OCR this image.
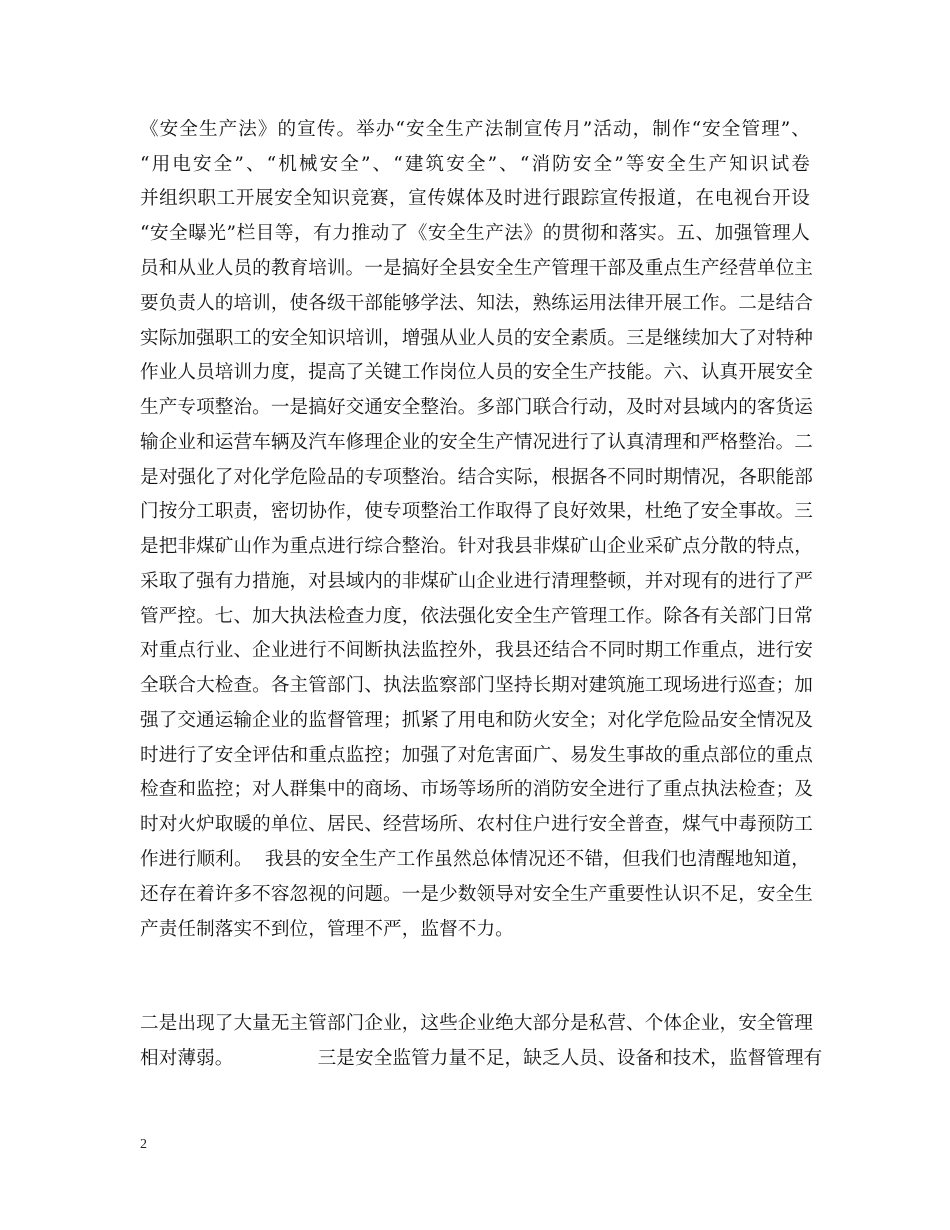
《安全生产法》的宣传。举办“安全生产法制宣传月”活动，制作“安全管理”、
“用电安全”、“机械安全”、“建筑安全”、“消防安全”等安全生产知识试卷
并组织职工开展安全知识竞赛，宣传媒体及时进行跟踪宣传报道，在电视台开设
“安全曝光”栏目等，有力推动了《安全生产法》的贯彻和落实。五、加强管理人
员和从业人员的教育培训。一是搞好全县安全生产管理干部及重点生产经营单位主
要负责人的培训，使各级干部能够学法、知法，熟练运用法律开展工作。二是结合
实际加强职工的安全知识培训，增强从业人员的安全素质。三是继续加大了对特种
作业人员培训力度，提高了关键工作岗位人员的安全生产技能。六、认真开展安全
生产专项整治。一是搞好交通安全整治。多部门联合行动，及时对县域内的客货运
输企业和运营车辆及汽车修理企业的安全生产情况进行了认真清理和严格整治。二
是对强化了对化学危险品的专项整治。结合实际，根据各不同时期情况，各职能部
门按分工职责，密切协作，使专项整治工作取得了良好效果，杜绝了安全事故。三
是把非煤矿山作为重点进行综合整治。针对我县非煤矿山企业采矿点分散的特点，
采取了强有力措施，对县域内的非煤矿山企业进行清理整顿，并对现有的进行了严
管严控。七、加大执法检查力度，依法强化安全生产管理工作。除各有关部门日常
对重点行业、企业进行不间断执法监控外，我县还结合不同时期工作重点，进行安
全联合大检查。各主管部门、执法监察部门坚持长期对建筑施工现场进行巡查；加
强了交通运输企业的监督管理；抓紧了用电和防火安全；对化学危险品安全情况及
时进行了安全评估和重点监控；加强了对危害面广、易发生事故的重点部位的重点
检查和监控；对人群集中的商场、市场等场所的消防安全进行了重点执法检查；及
时对火炉取暖的单位、居民、经营场所、农村住户进行安全普查，煤气中毒预防工
作进行顺利。  我县的安全生产工作虽然总体情况还不错，但我们也清醒地知道，
还存在着许多不容忽视的问题。一是少数领导对安全生产重要性认识不足，安全生
产责任制落实不到位，管理不严，监督不力。
二是出现了大量无主管部门企业，这些企业绝大部分是私营、个体企业，安全管理
相对薄弱。              三是安全监管力量不足，缺乏人员、设备和技术，监督管理有
2
